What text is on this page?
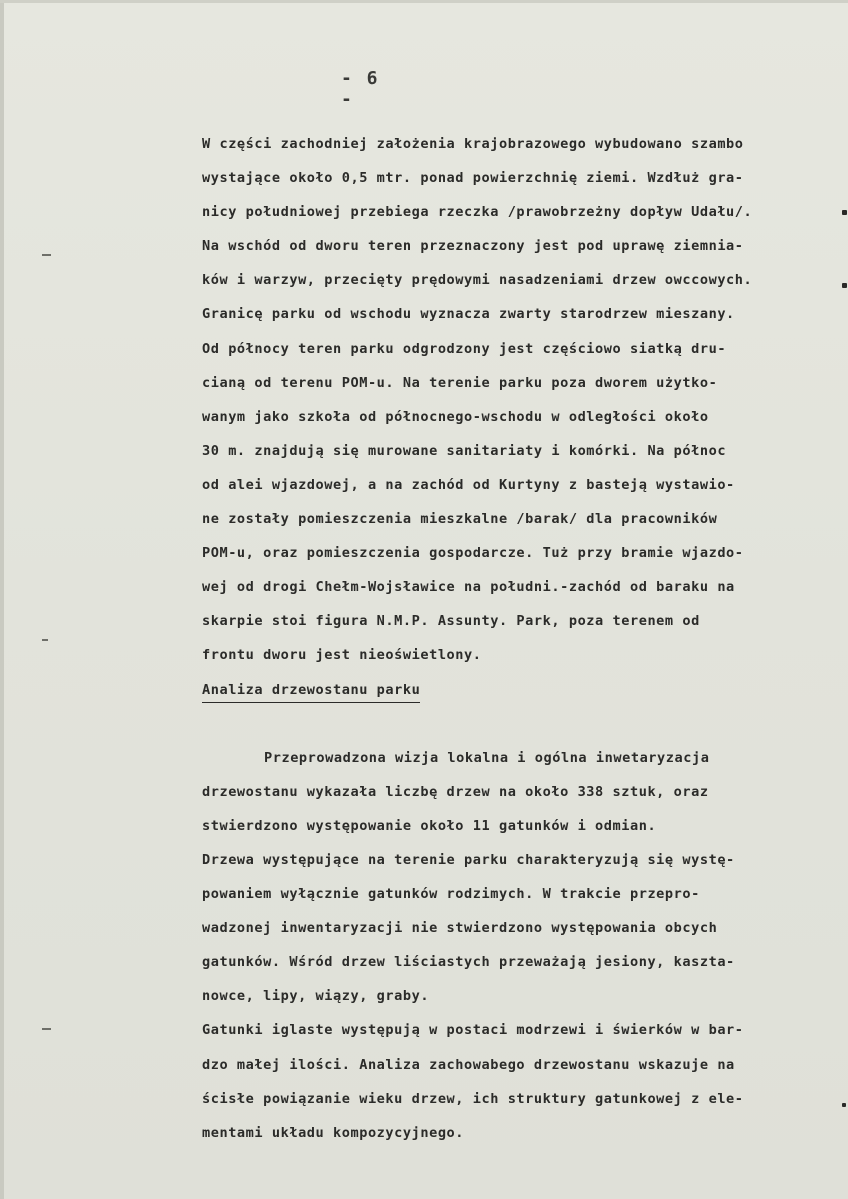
- 6 -
W części zachodniej założenia krajobrazowego wybudowano szambo
wystające około 0,5 mtr. ponad powierzchnię ziemi. Wzdłuż gra-
nicy południowej przebiega rzeczka /prawobrzeżny dopływ Udału/.
Na wschód od dworu teren przeznaczony jest pod uprawę ziemnia-
ków i warzyw, przecięty prędowymi nasadzeniami drzew owccowych.
Granicę parku od wschodu wyznacza zwarty starodrzew mieszany.
Od północy teren parku odgrodzony jest częściowo siatką dru-
cianą od terenu POM-u. Na terenie parku poza dworem użytko-
wanym jako szkoła od północnego-wschodu w odległości około
30 m. znajdują się murowane sanitariaty i komórki. Na północ
od alei wjazdowej, a na zachód od Kurtyny z basteją wystawio-
ne zostały pomieszczenia mieszkalne /barak/ dla pracowników
POM-u, oraz pomieszczenia gospodarcze. Tuż przy bramie wjazdo-
wej od drogi Chełm-Wojsławice na południ.-zachód od baraku na
skarpie stoi figura N.M.P. Assunty. Park, poza terenem od
frontu dworu jest nieoświetlony.
Analiza drzewostanu parku
Przeprowadzona wizja lokalna i ogólna inwetaryzacja
drzewostanu wykazała liczbę drzew na około 338 sztuk, oraz
stwierdzono występowanie około 11 gatunków i odmian.
Drzewa występujące na terenie parku charakteryzują się wystę-
powaniem wyłącznie gatunków rodzimych. W trakcie przepro-
wadzonej inwentaryzacji nie stwierdzono występowania obcych
gatunków. Wśród drzew liściastych przeważają jesiony, kaszta-
nowce, lipy, wiązy, graby.
Gatunki iglaste występują w postaci modrzewi i świerków w bar-
dzo małej ilości. Analiza zachowabego drzewostanu wskazuje na
ścisłe powiązanie wieku drzew, ich struktury gatunkowej z ele-
mentami układu kompozycyjnego.
